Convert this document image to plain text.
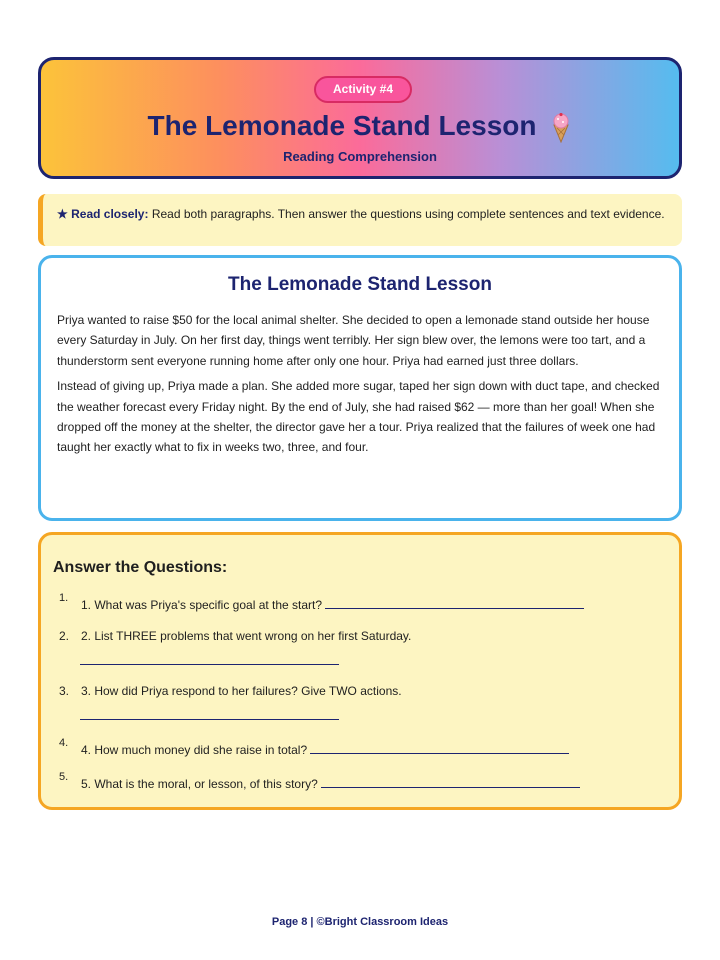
Activity #4
The Lemonade Stand Lesson
Reading Comprehension
★ Read closely: Read both paragraphs. Then answer the questions using complete sentences and text evidence.
The Lemonade Stand Lesson

Priya wanted to raise $50 for the local animal shelter. She decided to open a lemonade stand outside her house every Saturday in July. On her first day, things went terribly. Her sign blew over, the lemons were too tart, and a thunderstorm sent everyone running home after only one hour. Priya had earned just three dollars.

Instead of giving up, Priya made a plan. She added more sugar, taped her sign down with duct tape, and checked the weather forecast every Friday night. By the end of July, she had raised $62 — more than her goal! When she dropped off the money at the shelter, the director gave her a tour. Priya realized that the failures of week one had taught her exactly what to fix in weeks two, three, and four.

Answer the Questions:
1. 1. What was Priya's specific goal at the start?
2. 2. List THREE problems that went wrong on her first Saturday.
3. 3. How did Priya respond to her failures? Give TWO actions.
4. 4. How much money did she raise in total?
5. 5. What is the moral, or lesson, of this story?
Page 8 | ©Bright Classroom Ideas
